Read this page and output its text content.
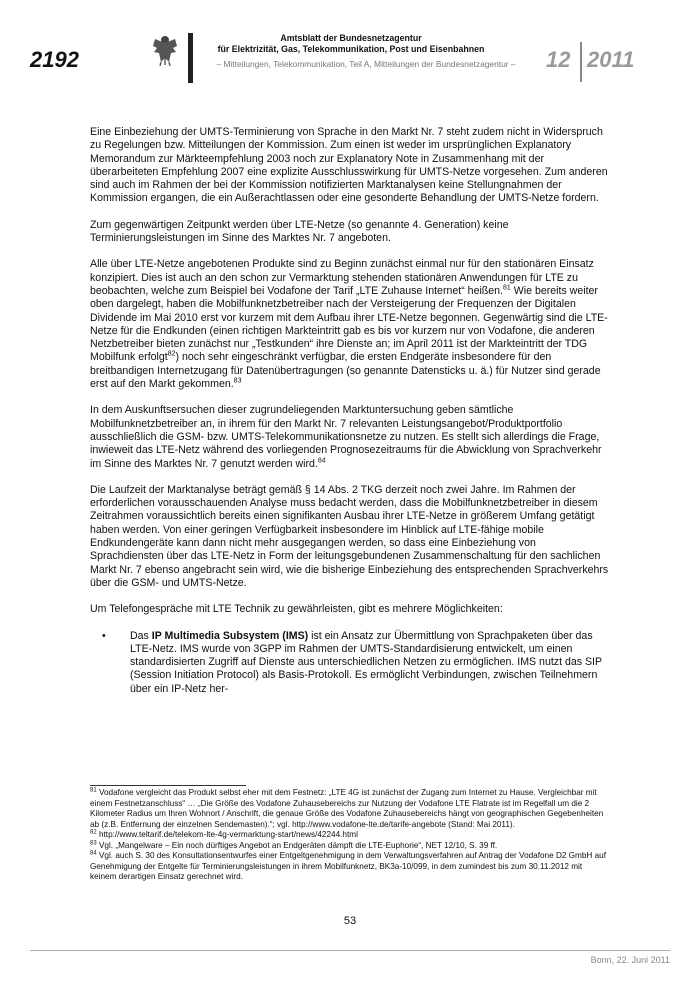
2192
Amtsblatt der Bundesnetzagentur
für Elektrizität, Gas, Telekommunikation, Post und Eisenbahnen
– Mitteilungen, Telekommunikation, Teil A, Mitteilungen der Bundesnetzagentur –	12 2011

Eine Einbeziehung der UMTS-Terminierung von Sprache in den Markt Nr. 7 steht zudem nicht in Widerspruch zu Regelungen bzw. Mitteilungen der Kommission. Zum einen ist weder im ursprünglichen Explanatory Memorandum zur Märkteempfehlung 2003 noch zur Explanatory Note in Zusammenhang mit der überarbeiteten Empfehlung 2007 eine explizite Ausschlusswirkung für UMTS-Netze vorgesehen. Zum anderen sind auch im Rahmen der bei der Kommission notifizierten Marktanalysen keine Stellungnahmen der Kommission ergangen, die ein Außerachtlassen oder eine gesonderte Behandlung der UMTS-Netze fordern.

Zum gegenwärtigen Zeitpunkt werden über LTE-Netze (so genannte 4. Generation) keine Terminierungsleistungen im Sinne des Marktes Nr. 7 angeboten.

Alle über LTE-Netze angebotenen Produkte sind zu Beginn zunächst einmal nur für den stationären Einsatz konzipiert. Dies ist auch an den schon zur Vermarktung stehenden stationären Anwendungen für LTE zu beobachten, welche zum Beispiel bei Vodafone der Tarif „LTE Zuhause Internet“ heißen.$^{81}$ Wie bereits weiter oben dargelegt, haben die Mobilfunknetzbetreiber nach der Versteigerung der Frequenzen der Digitalen Dividende im Mai 2010 erst vor kurzem mit dem Aufbau ihrer LTE-Netze begonnen. Gegenwärtig sind die LTE-Netze für die Endkunden (einen richtigen Markteintritt gab es bis vor kurzem nur von Vodafone, die anderen Netzbetreiber bieten zunächst nur „Testkunden“ ihre Dienste an; im April 2011 ist der Markteintritt der TDG Mobilfunk erfolgt$^{82}$) noch sehr eingeschränkt verfügbar, die ersten Endgeräte insbesondere für den breitbandigen Internetzugang für Datenübertragungen (so genannte Datensticks u. ä.) für Nutzer sind gerade erst auf den Markt gekommen.$^{83}$

In dem Auskunftsersuchen dieser zugrundeliegenden Marktuntersuchung geben sämtliche Mobilfunknetzbetreiber an, in ihrem für den Markt Nr. 7 relevanten Leistungsangebot/Produktportfolio ausschließlich die GSM- bzw. UMTS-Telekommunikationsnetze zu nutzen. Es stellt sich allerdings die Frage, inwieweit das LTE-Netz während des vorliegenden Prognosezeitraums für die Abwicklung von Sprachverkehr im Sinne des Marktes Nr. 7 genutzt werden wird.$^{84}$

Die Laufzeit der Marktanalyse beträgt gemäß § 14 Abs. 2 TKG derzeit noch zwei Jahre. Im Rahmen der erforderlichen vorausschauenden Analyse muss bedacht werden, dass die Mobilfunknetzbetreiber in diesem Zeitrahmen voraussichtlich bereits einen signifikanten Ausbau ihrer LTE-Netze in größerem Umfang getätigt haben werden. Von einer geringen Verfügbarkeit insbesondere im Hinblick auf LTE-fähige mobile Endkundengeräte kann dann nicht mehr ausgegangen werden, so dass eine Einbeziehung von Sprachdiensten über das LTE-Netz in Form der leitungsgebundenen Zusammenschaltung für den sachlichen Markt Nr. 7 ebenso angebracht sein wird, wie die bisherige Einbeziehung des entsprechenden Sprachverkehrs über die GSM- und UMTS-Netze.

Um Telefongespräche mit LTE Technik zu gewährleisten, gibt es mehrere Möglichkeiten:

• Das IP Multimedia Subsystem (IMS) ist ein Ansatz zur Übermittlung von Sprachpaketen über das LTE-Netz. IMS wurde von 3GPP im Rahmen der UMTS-Standardisierung entwickelt, um einen standardisierten Zugriff auf Dienste aus unterschiedlichen Netzen zu ermöglichen. IMS nutzt das SIP (Session Initiation Protocol) als Basis-Protokoll. Es ermöglicht Verbindungen, zwischen Teilnehmern über ein IP-Netz her-

$^{81}$ Vodafone vergleicht das Produkt selbst eher mit dem Festnetz: „LTE 4G ist zunächst der Zugang zum Internet zu Hause. Vergleichbar mit einem Festnetzanschluss“ … „Die Größe des Vodafone Zuhausebereichs zur Nutzung der Vodafone LTE Flatrate ist im Regelfall um die 2 Kilometer Radius um Ihren Wohnort / Anschrift, die genaue Größe des Vodafone Zuhausebereichs hängt von geographischen Gegebenheiten ab (z.B. Entfernung der einzelnen Sendemasten).“; vgl. http://www.vodafone-lte.de/tarife-angebote (Stand: Mai 2011).

$^{82}$ http://www.teltarif.de/telekom-lte-4g-vermarktung-start/news/42244.html

$^{83}$ Vgl. „Mangelware – Ein noch dürftiges Angebot an Endgeräten dämpft die LTE-Euphorie“, NET 12/10, S. 39 ff.

$^{84}$ Vgl. auch S. 30 des Konsultationsentwurfes einer Entgeltgenehmigung in dem Verwaltungsverfahren auf Antrag der Vodafone D2 GmbH auf Genehmigung der Entgelte für Terminierungsleistungen in ihrem Mobilfunknetz, BK3a-10/099, in dem zumindest bis zum 30.11.2012 mit keinem derartigen Einsatz gerechnet wird.

53
Bonn, 22. Juni 2011
